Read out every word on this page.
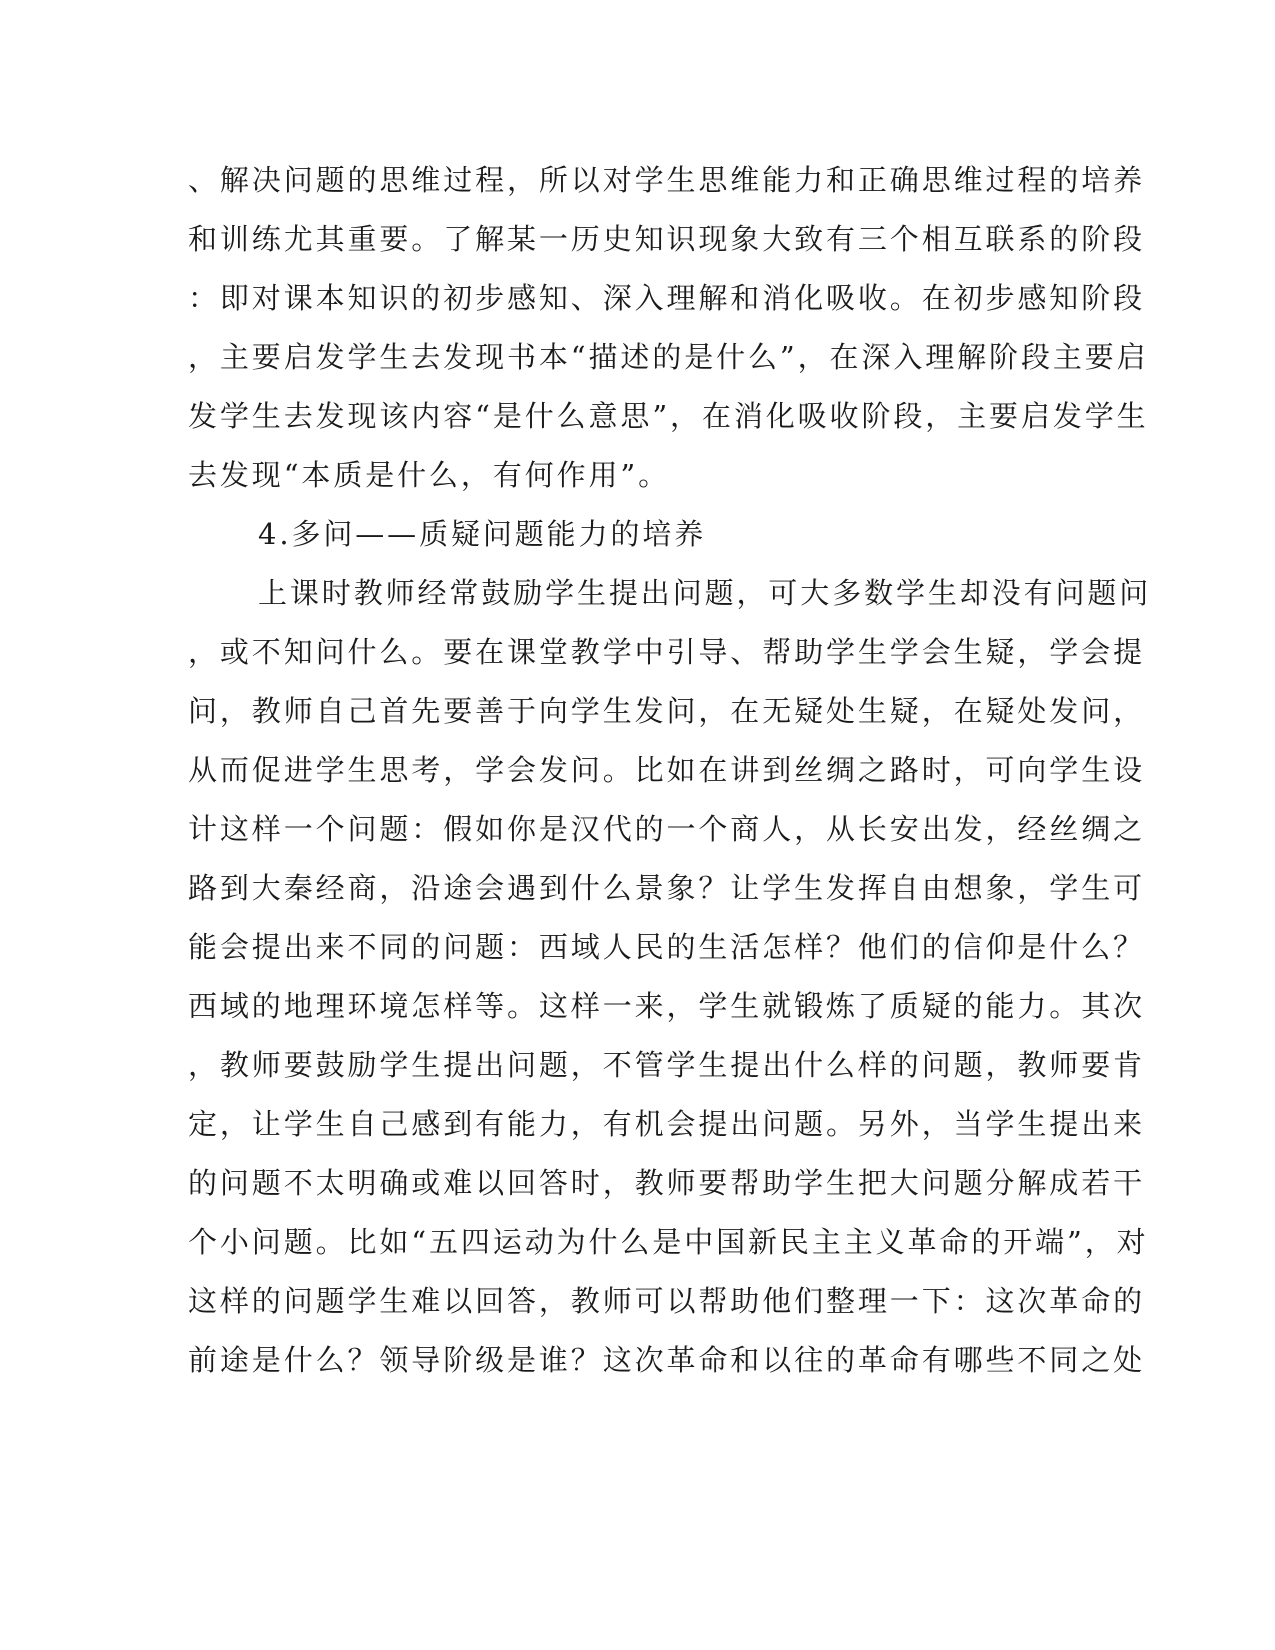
、解决问题的思维过程，所以对学生思维能力和正确思维过程的培养
和训练尤其重要。了解某一历史知识现象大致有三个相互联系的阶段
：即对课本知识的初步感知、深入理解和消化吸收。在初步感知阶段
，主要启发学生去发现书本“描述的是什么”，在深入理解阶段主要启
发学生去发现该内容“是什么意思”，在消化吸收阶段，主要启发学生
去发现“本质是什么，有何作用”。
4.多问——质疑问题能力的培养
上课时教师经常鼓励学生提出问题，可大多数学生却没有问题问
，或不知问什么。要在课堂教学中引导、帮助学生学会生疑，学会提
问，教师自己首先要善于向学生发问，在无疑处生疑，在疑处发问，
从而促进学生思考，学会发问。比如在讲到丝绸之路时，可向学生设
计这样一个问题：假如你是汉代的一个商人，从长安出发，经丝绸之
路到大秦经商，沿途会遇到什么景象？让学生发挥自由想象，学生可
能会提出来不同的问题：西域人民的生活怎样？他们的信仰是什么？
西域的地理环境怎样等。这样一来，学生就锻炼了质疑的能力。其次
，教师要鼓励学生提出问题，不管学生提出什么样的问题，教师要肯
定，让学生自己感到有能力，有机会提出问题。另外，当学生提出来
的问题不太明确或难以回答时，教师要帮助学生把大问题分解成若干
个小问题。比如“五四运动为什么是中国新民主主义革命的开端”，对
这样的问题学生难以回答，教师可以帮助他们整理一下：这次革命的
前途是什么？领导阶级是谁？这次革命和以往的革命有哪些不同之处
